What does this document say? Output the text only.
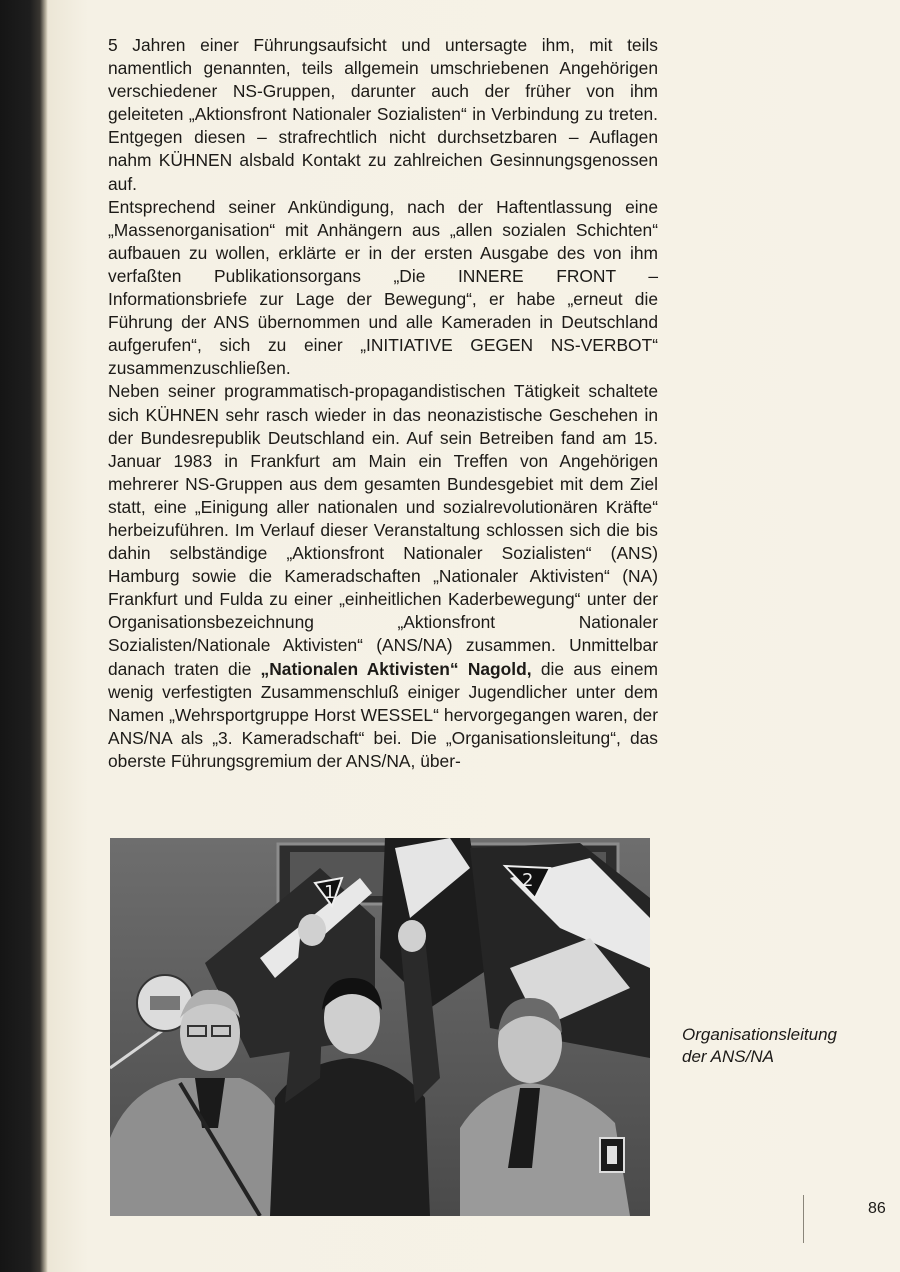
5 Jahren einer Führungsaufsicht und untersagte ihm, mit teils namentlich genannten, teils allgemein umschriebenen Angehörigen verschiedener NS-Gruppen, darunter auch der früher von ihm geleiteten „Aktionsfront Nationaler Sozialisten“ in Verbindung zu treten. Entgegen diesen – strafrechtlich nicht durchsetzbaren – Auflagen nahm KÜHNEN alsbald Kontakt zu zahlreichen Gesinnungsgenossen auf.

Entsprechend seiner Ankündigung, nach der Haftentlassung eine „Massenorganisation“ mit Anhängern aus „allen sozialen Schichten“ aufbauen zu wollen, erklärte er in der ersten Ausgabe des von ihm verfaßten Publikationsorgans „Die INNERE FRONT – Informationsbriefe zur Lage der Bewegung“, er habe „erneut die Führung der ANS übernommen und alle Kameraden in Deutschland aufgerufen“, sich zu einer „INITIATIVE GEGEN NS-VERBOT“ zusammenzuschließen.

Neben seiner programmatisch-propagandistischen Tätigkeit schaltete sich KÜHNEN sehr rasch wieder in das neonazistische Geschehen in der Bundesrepublik Deutschland ein. Auf sein Betreiben fand am 15. Januar 1983 in Frankfurt am Main ein Treffen von Angehörigen mehrerer NS-Gruppen aus dem gesamten Bundesgebiet mit dem Ziel statt, eine „Einigung aller nationalen und sozialrevolutionären Kräfte“ herbeizuführen. Im Verlauf dieser Veranstaltung schlossen sich die bis dahin selbständige „Aktionsfront Nationaler Sozialisten“ (ANS) Hamburg sowie die Kameradschaften „Nationaler Aktivisten“ (NA) Frankfurt und Fulda zu einer „einheitlichen Kaderbewegung“ unter der Organisationsbezeichnung „Aktionsfront Nationaler Sozialisten/Nationale Aktivisten“ (ANS/NA) zusammen. Unmittelbar danach traten die „Nationalen Aktivisten“ Nagold, die aus einem wenig verfestigten Zusammenschluß einiger Jugendlicher unter dem Namen „Wehrsportgruppe Horst WESSEL“ hervorgegangen waren, der ANS/NA als „3. Kameradschaft“ bei. Die „Organisationsleitung“, das oberste Führungsgremium der ANS/NA, über-

1
2

Organisationsleitung
der ANS/NA

86
